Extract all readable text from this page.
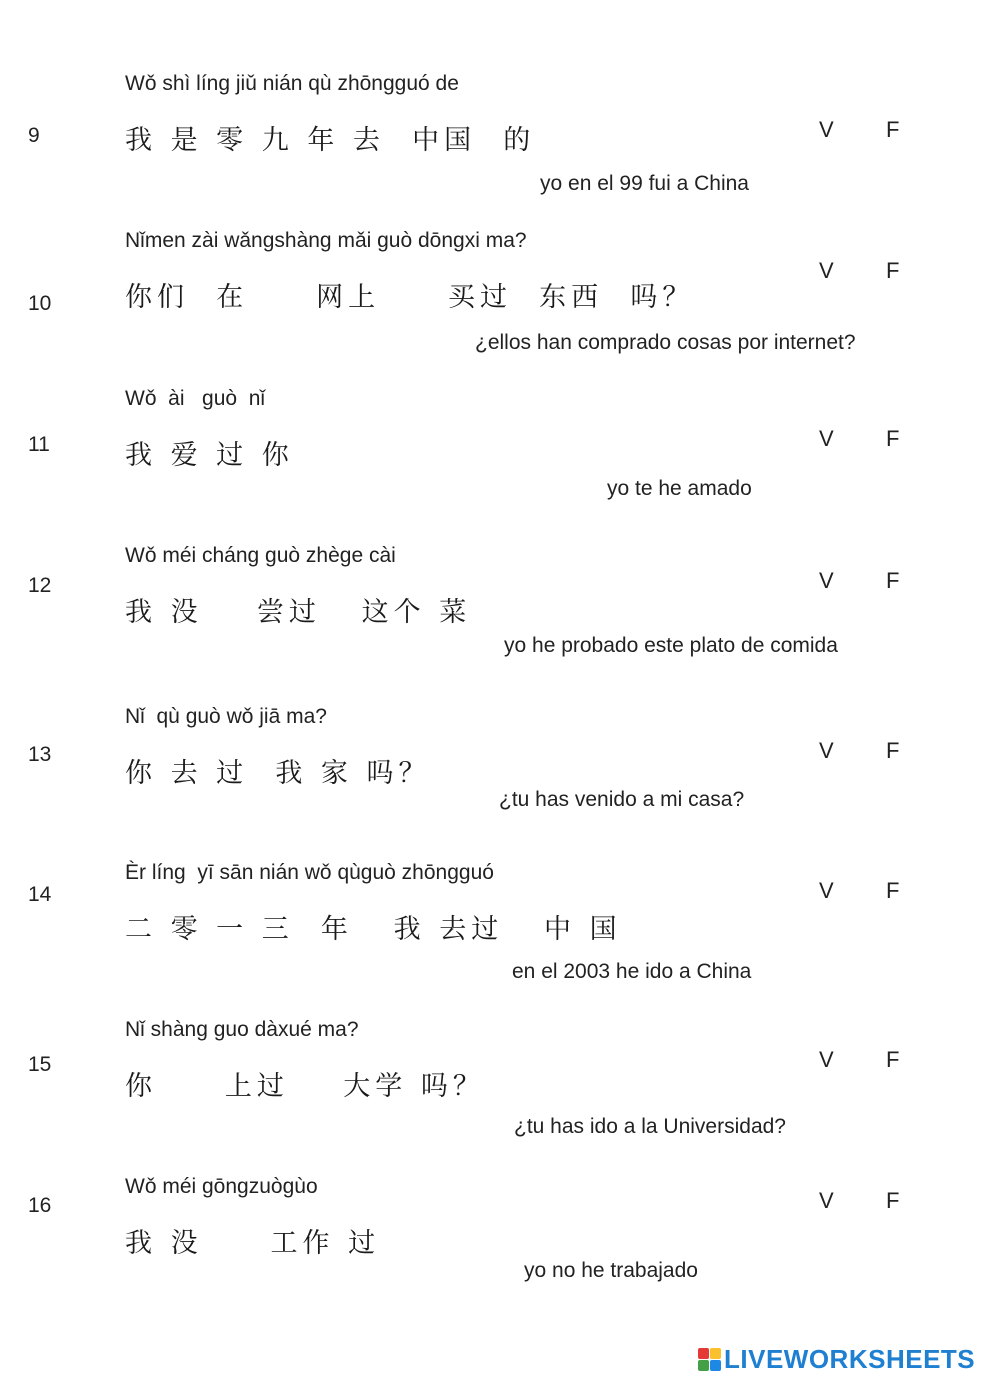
9
Wǒ shì líng jiǔ nián qù zhōngguó de
我 是 零 九 年 去  中国  的
yo en el 99 fui a China
V F
10
Nǐmen zài wǎngshàng mǎi guò dōngxi ma?
你们  在     网上     买过  东西  吗？
¿ellos han comprado cosas por internet?
V F
11
Wǒ  ài   guò  nǐ
我 爱 过 你
yo te he amado
V F
12
Wǒ méi cháng guò zhège cài
我 没    尝过   这个 菜
yo he probado este plato de comida
V F
13
Nǐ  qù guò wǒ jiā ma?
你 去 过  我 家 吗？
¿tu has venido a mi casa?
V F
14
Èr líng  yī sān nián wǒ qùguò zhōngguó
二 零 一 三  年   我 去过   中 国
en el 2003 he ido a China
V F
15
Nǐ shàng guo dàxué ma?
你     上过    大学 吗？
¿tu has ido a la Universidad?
V F
16
Wǒ méi gōngzuògùo
我 没     工作 过
yo no he trabajado
V F
LIVEWORKSHEETS
